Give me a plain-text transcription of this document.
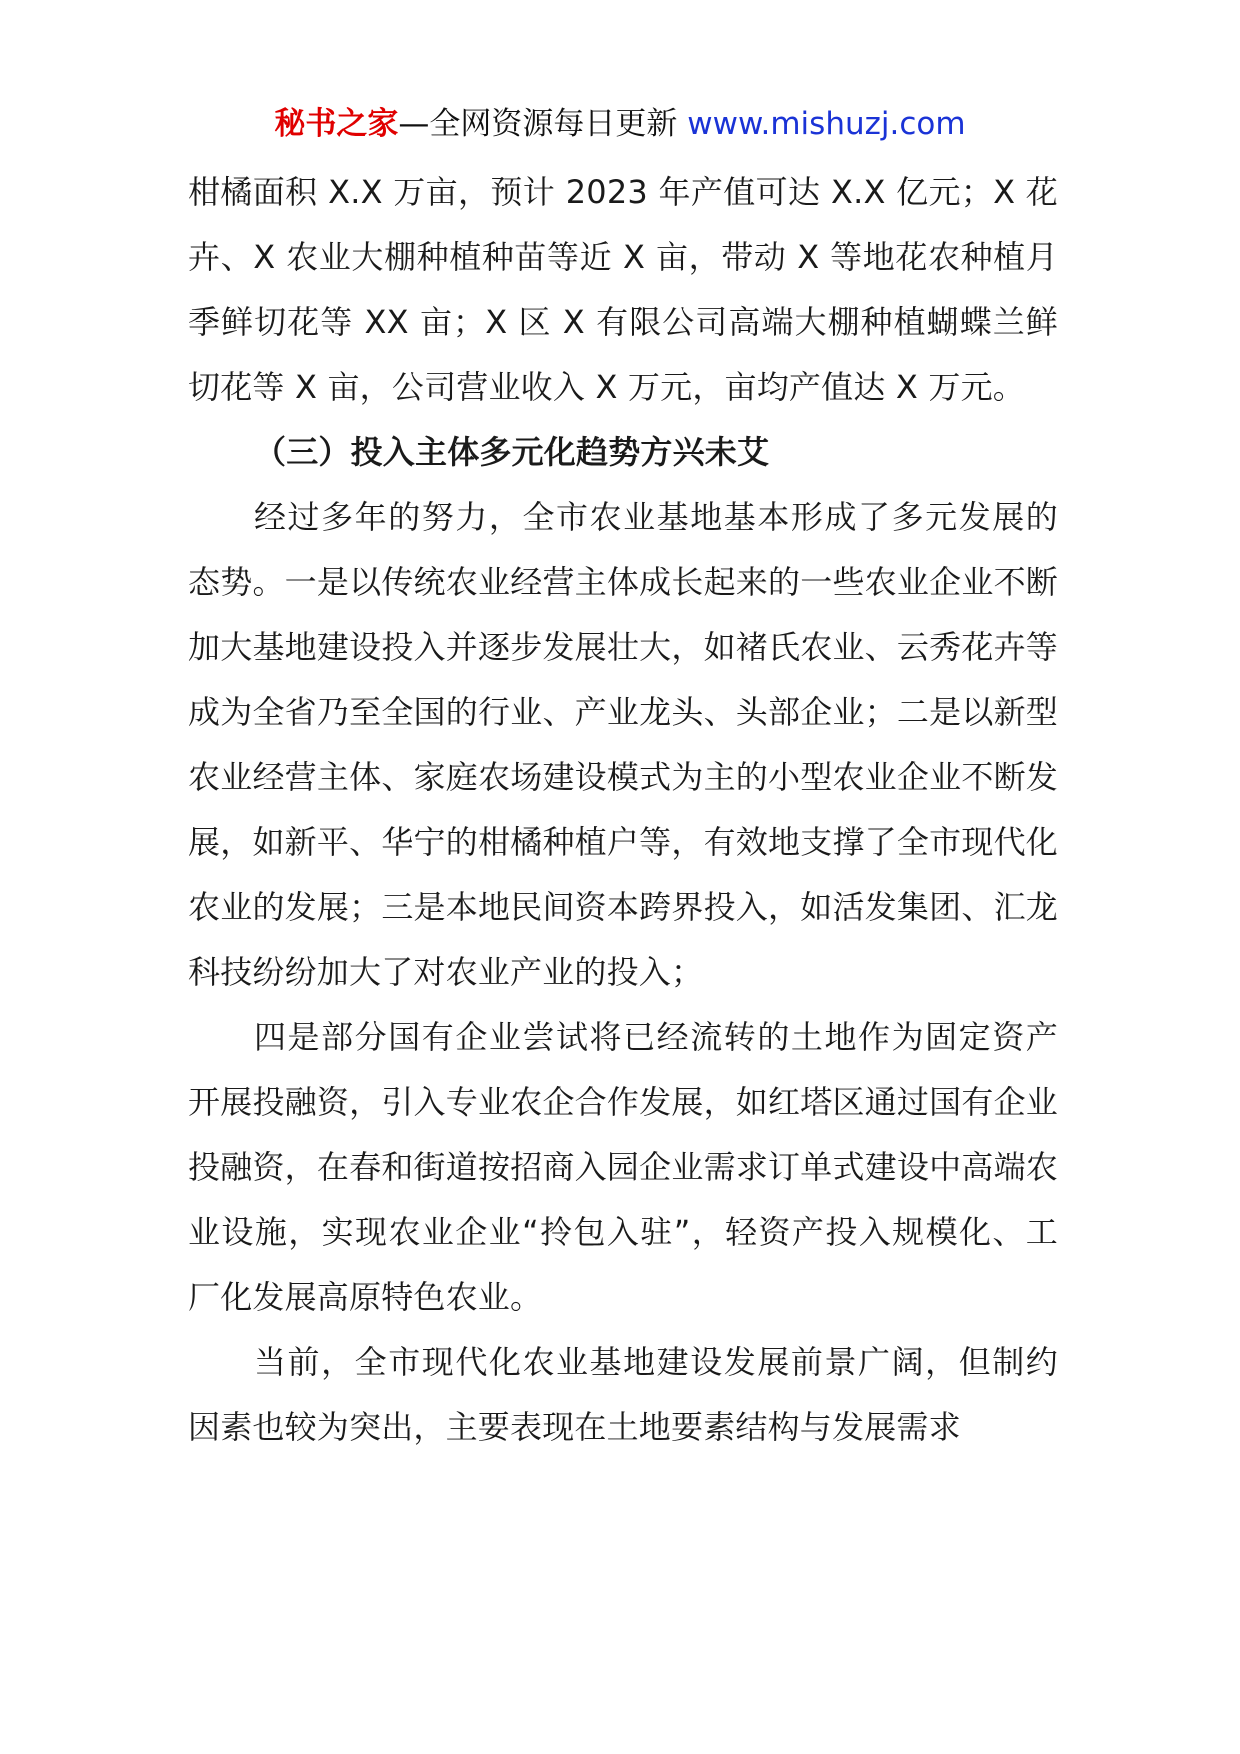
秘书之家—全网资源每日更新 www.mishuzj.com

柑橘面积 X.X 万亩，预计 2023 年产值可达 X.X 亿元；X 花卉、X 农业大棚种植种苗等近 X 亩，带动 X 等地花农种植月季鲜切花等 XX 亩；X 区 X 有限公司高端大棚种植蝴蝶兰鲜切花等 X 亩，公司营业收入 X 万元，亩均产值达 X 万元。

（三）投入主体多元化趋势方兴未艾

经过多年的努力，全市农业基地基本形成了多元发展的态势。一是以传统农业经营主体成长起来的一些农业企业不断加大基地建设投入并逐步发展壮大，如褚氏农业、云秀花卉等成为全省乃至全国的行业、产业龙头、头部企业；二是以新型农业经营主体、家庭农场建设模式为主的小型农业企业不断发展，如新平、华宁的柑橘种植户等，有效地支撑了全市现代化农业的发展；三是本地民间资本跨界投入，如活发集团、汇龙科技纷纷加大了对农业产业的投入；

四是部分国有企业尝试将已经流转的土地作为固定资产开展投融资，引入专业农企合作发展，如红塔区通过国有企业投融资，在春和街道按招商入园企业需求订单式建设中高端农业设施，实现农业企业“拎包入驻”，轻资产投入规模化、工厂化发展高原特色农业。

当前，全市现代化农业基地建设发展前景广阔，但制约因素也较为突出，主要表现在土地要素结构与发展需求
